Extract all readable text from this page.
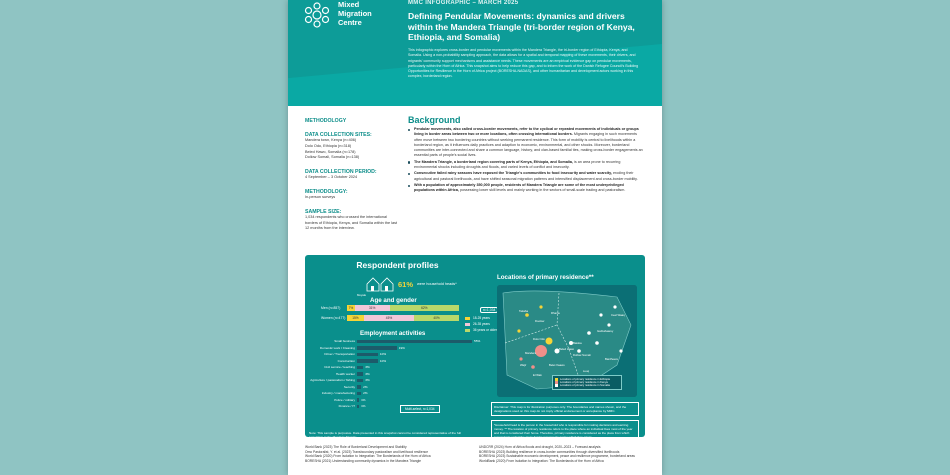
Mixed
Migration
Centre
MMC INFOGRAPHIC – MARCH 2025
Defining Pendular Movements: dynamics and drivers within the Mandera Triangle (tri-border region of Kenya, Ethiopia, and Somalia)
This infographic explores cross-border and pendular movements within the Mandera Triangle, the tri-border region of Ethiopia, Kenya, and Somalia. Using a non-probability sampling approach, the data allows for a spatial and temporal mapping of these movements, their drivers, and migrants' community support mechanisms and assistance needs. These movements are an empirical evidence gap on pendular movements, particularly within the Horn of Africa. This snapshot aims to help reduce this gap, and to inform the work of the Danish Refugee Council's Building Opportunities for Resilience in the Horn of Africa project (BORESHA-NADAS), and other humanitarian and development actors working in this complex, borderland region.
METHODOLOGY
DATA COLLECTION SITES:

Mandera town, Kenya (n=406)

Dolo Odo, Ethiopia (n=318)

Beled Hawo, Somalia (n=178)

Dollow Somali, Somalia (n=138)

DATA COLLECTION PERIOD:

4 September – 3 October 2024

METHODOLOGY:

In-person surveys

SAMPLE SIZE:

1,034 respondents who crossed the international borders of Ethiopia, Kenya, and Somalia within the last 12 months from the interview.

Background
Pendular movements, also called cross-border movements, refer to the cyclical or repeated movements of individuals or groups living in border areas between two or more locations, often crossing international borders. Migrants engaging in such movements often move between two bordering countries without seeking permanent residence. This form of mobility is central to livelihoods within a borderland region, as it influences daily practices and adaption to economic, environmental, and other shocks. Moreover, borderland communities are inter-connected and share a common language, history, and clan-based familial ties, making cross-border engagements an essential parts of people's social lives.
The Mandera Triangle, a borderland region covering parts of Kenya, Ethiopia, and Somalia, is an area prone to recurring environmental shocks including droughts and floods, and varied levels of conflict and insecurity.
Consecutive failed rainy seasons have exposed the Triangle's communities to food insecurity and water scarcity, eroding their agricultural and pastoral livelihoods, and have shifted seasonal migration patterns and intensified displacement and cross-border mobility.
With a population of approximately 350,000 people, residents of Mandera Triangle are some of the most underprivileged populations within Africa, possessing lower skill levels and mainly working in the sectors of small-scale trading and pastoralism.
Respondent profiles
61% were household heads*
Age and gender
n=1,034
18-25 years
26-35 years
36 years or older
Men (n=857)	7%	31%	62%
Women (n=477)	15%	45%	40%
Employment activities
Small business	55%
Domestic work / Cleaning	19%
Driver / Transportation	10%
Construction	10%
Civil service / teaching	3%
Health worker	3%
Agriculture / pastoralism / fishing	3%
Security	2%
Industry / manufacturing	2%
Police / military 1%
Finance / IT 1%
Multi-select, n=1,034
Note: This sample is purposive. Data presented in this snapshot cannot be considered representative of the full population in the Mandera Triangle.
Locations of primary residence**
Locations of primary residence in Ethiopia
Locations of primary residence in Kenya
Locations of primary residence in Somalia
Moyale
Dolo Odo
Mandera
Beled Hawo
Dollow Somali
Luuq
Wajir
El Wak
Baidoa
Bardheere
Belet Xaawo
Garbahaarey
Ceel Waaq
Doolow
Takaba	Rhamu
Disclaimer: This map is for illustration purposes only. The boundaries and names shown, and the designations used on this map do not imply official endorsement or acceptance by MMC.
*Household head is the person in the household who is responsible for making decisions and earning money. ** The location of primary residence refers to the place where an individual lives most of the year and that is considered their home. Therefore, primary residence is considered as the place from which respondents undertake cross-border movements and to which they return.

World Bank (2023) The Role of Borderland Development and Stability

Omo Pastoralist, Y. et al. (2023) Transboundary pastoralism and livelihood resilience

World Bank (2020) From Isolation to Integration: The Borderlands of the Horn of Africa

BORESHA (2021) Understanding community dynamics in the Mandera Triangle

UNDCRR (2024) Horn of Africa floods and drought, 2020–2023 – Forecast analysis

BORESHA (2023) Building resilience in cross-border communities through diversified livelihoods

BORESHA (2023) Sustainable economic development, peace and resilience programme, borderland areas

WorldBank (2020) From Isolation to Integration: The Borderlands of the Horn of Africa
